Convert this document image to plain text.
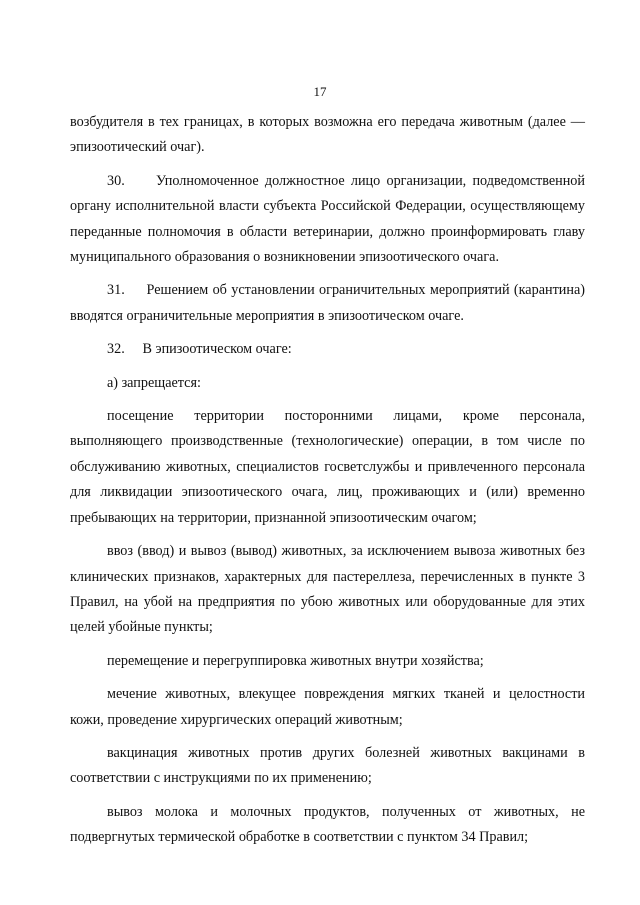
17

возбудителя в тех границах, в которых возможна его передача животным (далее –– эпизоотический очаг).

30.     Уполномоченное должностное лицо организации, подведомственной органу исполнительной власти субъекта Российской Федерации, осуществляющему переданные полномочия в области ветеринарии, должно проинформировать главу муниципального образования о возникновении эпизоотического очага.

31.     Решением об установлении ограничительных мероприятий (карантина) вводятся ограничительные мероприятия в эпизоотическом очаге.

32.     В эпизоотическом очаге:

а) запрещается:

посещение территории посторонними лицами, кроме персонала, выполняющего производственные (технологические) операции, в том числе по обслуживанию животных, специалистов госветслужбы и привлеченного персонала для ликвидации эпизоотического очага, лиц, проживающих и (или) временно пребывающих на территории, признанной эпизоотическим очагом;

ввоз (ввод) и вывоз (вывод) животных, за исключением вывоза животных без клинических признаков, характерных для пастереллеза, перечисленных в пункте 3 Правил, на убой на предприятия по убою животных или оборудованные для этих целей убойные пункты;

перемещение и перегруппировка животных внутри хозяйства;

мечение животных, влекущее повреждения мягких тканей и целостности кожи, проведение хирургических операций животным;

вакцинация животных против других болезней животных вакцинами в соответствии с инструкциями по их применению;

вывоз молока и молочных продуктов, полученных от животных, не подвергнутых термической обработке в соответствии с пунктом 34 Правил;
